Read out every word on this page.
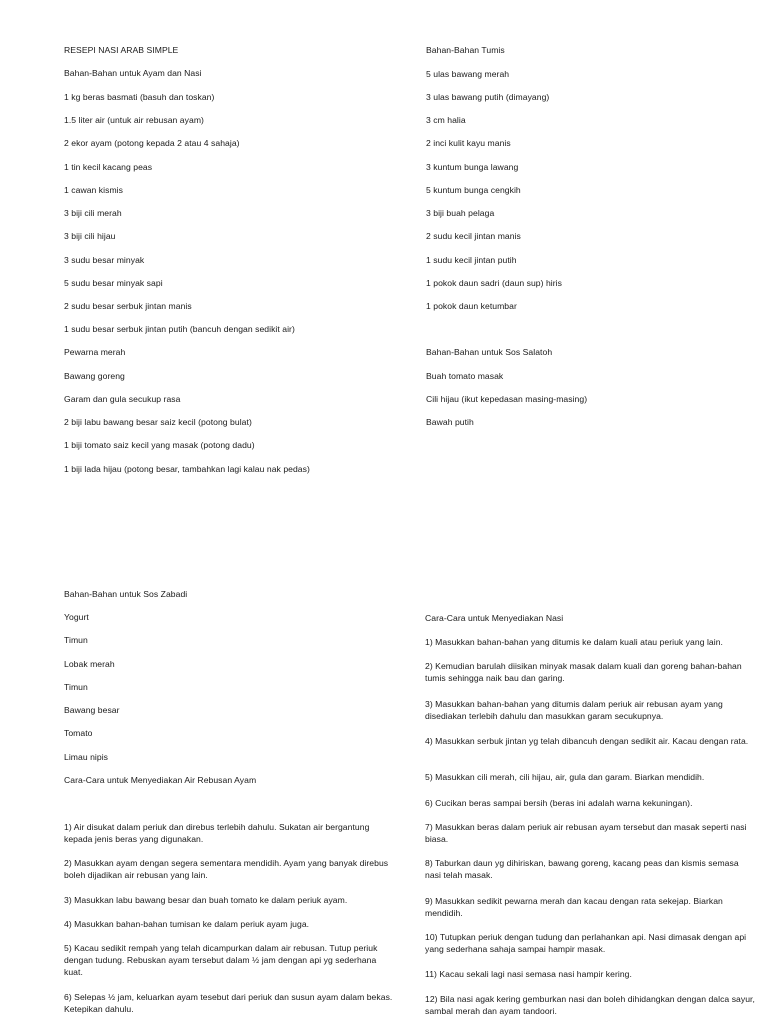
RESEPI NASI ARAB SIMPLE
Bahan-Bahan untuk Ayam dan Nasi
1 kg beras basmati (basuh dan toskan)
1.5 liter air (untuk air rebusan ayam)
2 ekor ayam (potong kepada 2 atau 4 sahaja)
1 tin kecil kacang peas
1 cawan kismis
3 biji cili merah
3 biji cili hijau
3 sudu besar minyak
5 sudu besar minyak sapi
2 sudu besar serbuk jintan manis
1 sudu besar serbuk jintan putih (bancuh dengan sedikit air)
Pewarna merah
Bawang goreng
Garam dan gula secukup rasa
2 biji labu bawang besar saiz kecil (potong bulat)
1 biji tomato saiz kecil yang masak (potong dadu)
1 biji lada hijau (potong besar, tambahkan lagi kalau nak pedas)
Bahan-Bahan Tumis
5 ulas bawang merah
3 ulas bawang putih (dimayang)
3 cm halia
2 inci kulit kayu manis
3 kuntum bunga lawang
5 kuntum bunga cengkih
3 biji buah pelaga
2 sudu kecil jintan manis
1 sudu kecil jintan putih
1 pokok daun sadri (daun sup) hiris
1 pokok daun ketumbar
Bahan-Bahan untuk Sos Salatoh
Buah tomato masak
Cili hijau (ikut kepedasan masing-masing)
Bawah putih
Bahan-Bahan untuk Sos Zabadi
Yogurt
Timun
Lobak merah
Timun
Bawang besar
Tomato
Limau nipis
Cara-Cara untuk Menyediakan Air Rebusan Ayam
1) Air disukat dalam periuk dan direbus terlebih dahulu. Sukatan air bergantung kepada jenis beras yang digunakan.
2) Masukkan ayam dengan segera sementara mendidih. Ayam yang banyak direbus boleh dijadikan air rebusan yang lain.
3) Masukkan labu bawang besar dan buah tomato ke dalam periuk ayam.
4) Masukkan bahan-bahan tumisan ke dalam periuk ayam juga.
5) Kacau sedikit rempah yang telah dicampurkan dalam air rebusan. Tutup periuk dengan tudung. Rebuskan ayam tersebut dalam ½ jam dengan api yg sederhana kuat.
6) Selepas ½ jam, keluarkan ayam tesebut dari periuk dan susun ayam dalam bekas. Ketepikan dahulu.
Cara-Cara untuk Menyediakan Nasi
1) Masukkan bahan-bahan yang ditumis ke dalam kuali atau periuk yang lain.
2) Kemudian barulah diisikan minyak masak dalam kuali dan goreng bahan-bahan tumis sehingga naik bau dan garing.
3) Masukkan bahan-bahan yang ditumis dalam periuk air rebusan ayam yang disediakan terlebih dahulu dan masukkan garam secukupnya.
4) Masukkan serbuk jintan yg telah dibancuh dengan sedikit air. Kacau dengan rata.
5) Masukkan cili merah, cili hijau, air, gula dan garam. Biarkan mendidih.
6) Cucikan beras sampai bersih (beras ini adalah warna kekuningan).
7) Masukkan beras dalam periuk air rebusan ayam tersebut dan masak seperti nasi biasa.
8) Taburkan daun yg dihiriskan, bawang goreng, kacang peas dan kismis semasa nasi telah masak.
9) Masukkan sedikit pewarna merah dan kacau dengan rata sekejap. Biarkan mendidih.
10) Tutupkan periuk dengan tudung dan perlahankan api. Nasi dimasak dengan api yang sederhana sahaja sampai hampir masak.
11) Kacau sekali lagi nasi semasa nasi hampir kering.
12) Bila nasi agak kering gemburkan nasi dan boleh dihidangkan dengan dalca sayur, sambal merah dan ayam tandoori.
